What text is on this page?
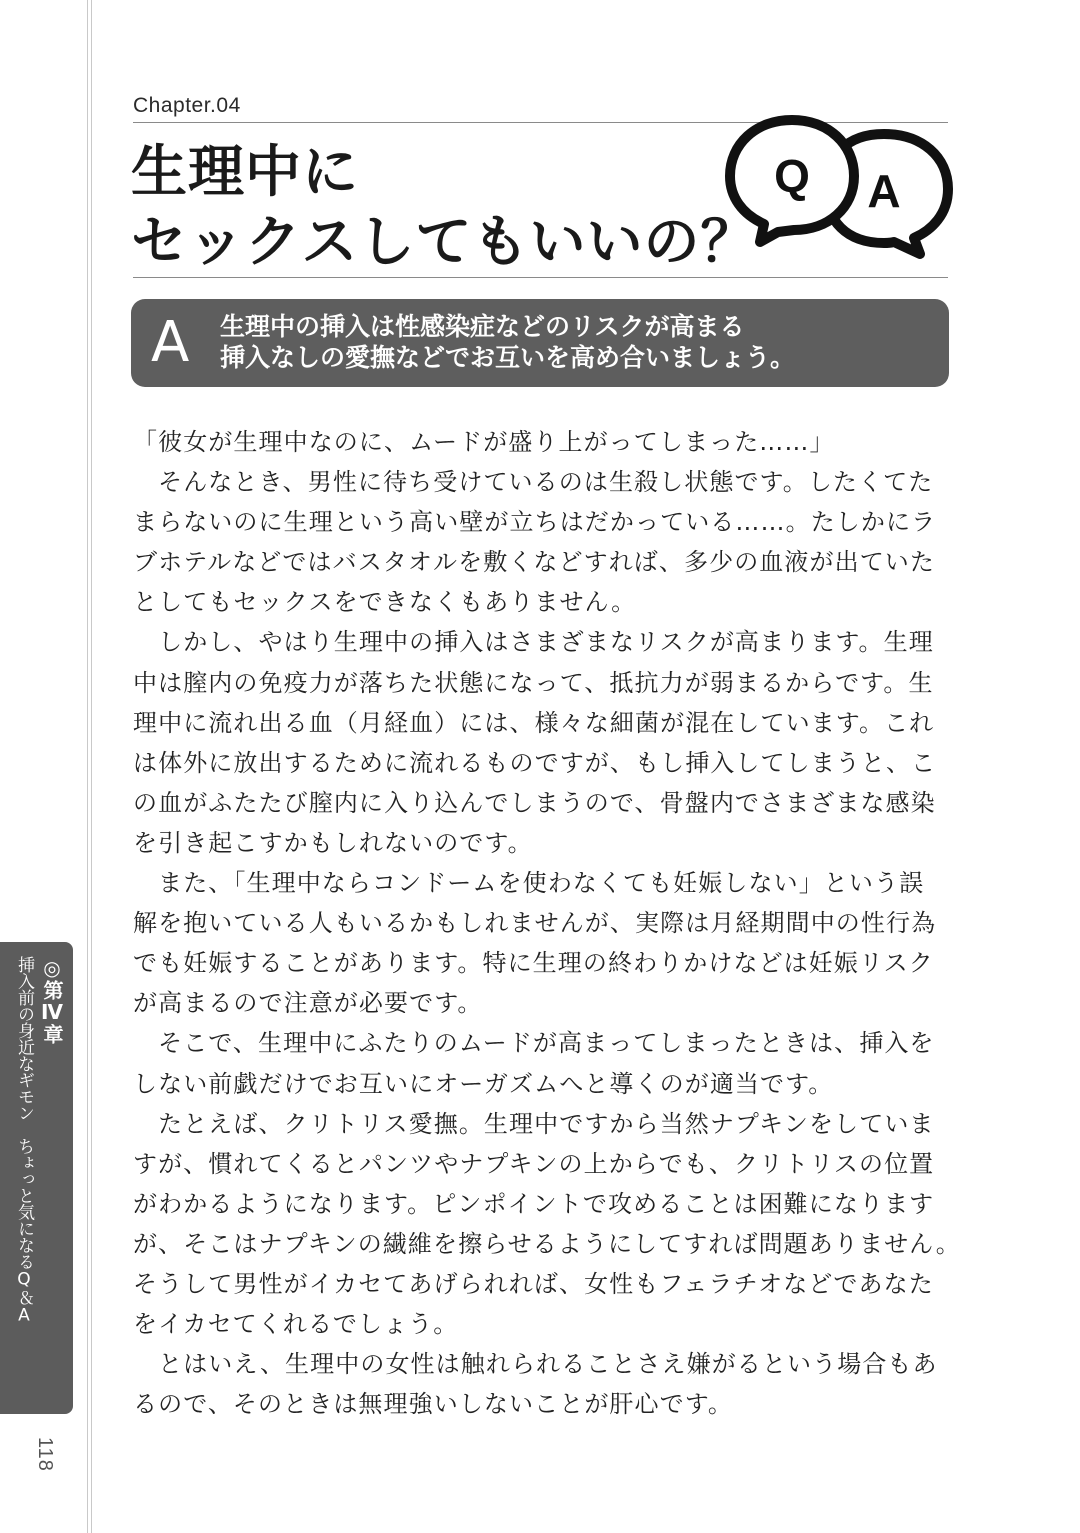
Chapter.04
生理中に
セックスしてもいいの？
A
Q
A 生理中の挿入は性感染症などのリスクが高まる
挿入なしの愛撫などでお互いを高め合いましょう。

「彼女が生理中なのに、ムードが盛り上がってしまった……」

　そんなとき、男性に待ち受けているのは生殺し状態です。したくてた

まらないのに生理という高い壁が立ちはだかっている……。たしかにラ

ブホテルなどではバスタオルを敷くなどすれば、多少の血液が出ていた

としてもセックスをできなくもありません。

　しかし、やはり生理中の挿入はさまざまなリスクが高まります。生理

中は膣内の免疫力が落ちた状態になって、抵抗力が弱まるからです。生

理中に流れ出る血（月経血）には、様々な細菌が混在しています。これ

は体外に放出するために流れるものですが、もし挿入してしまうと、こ

の血がふたたび膣内に入り込んでしまうので、骨盤内でさまざまな感染

を引き起こすかもしれないのです。

　また、「生理中ならコンドームを使わなくても妊娠しない」という誤

解を抱いている人もいるかもしれませんが、実際は月経期間中の性行為

でも妊娠することがあります。特に生理の終わりかけなどは妊娠リスク

が高まるので注意が必要です。

　そこで、生理中にふたりのムードが高まってしまったときは、挿入を

しない前戯だけでお互いにオーガズムへと導くのが適当です。

　たとえば、クリトリス愛撫。生理中ですから当然ナプキンをしていま

すが、慣れてくるとパンツやナプキンの上からでも、クリトリスの位置

がわかるようになります。ピンポイントで攻めることは困難になります

が、そこはナプキンの繊維を擦らせるようにしてすれば問題ありません。

そうして男性がイカセてあげられれば、女性もフェラチオなどであなた

をイカセてくれるでしょう。

　とはいえ、生理中の女性は触れられることさえ嫌がるという場合もあ

るので、そのときは無理強いしないことが肝心です。

◎第Ⅳ章
挿入前の身近なギモン　ちょっと気になるQ＆A
118
